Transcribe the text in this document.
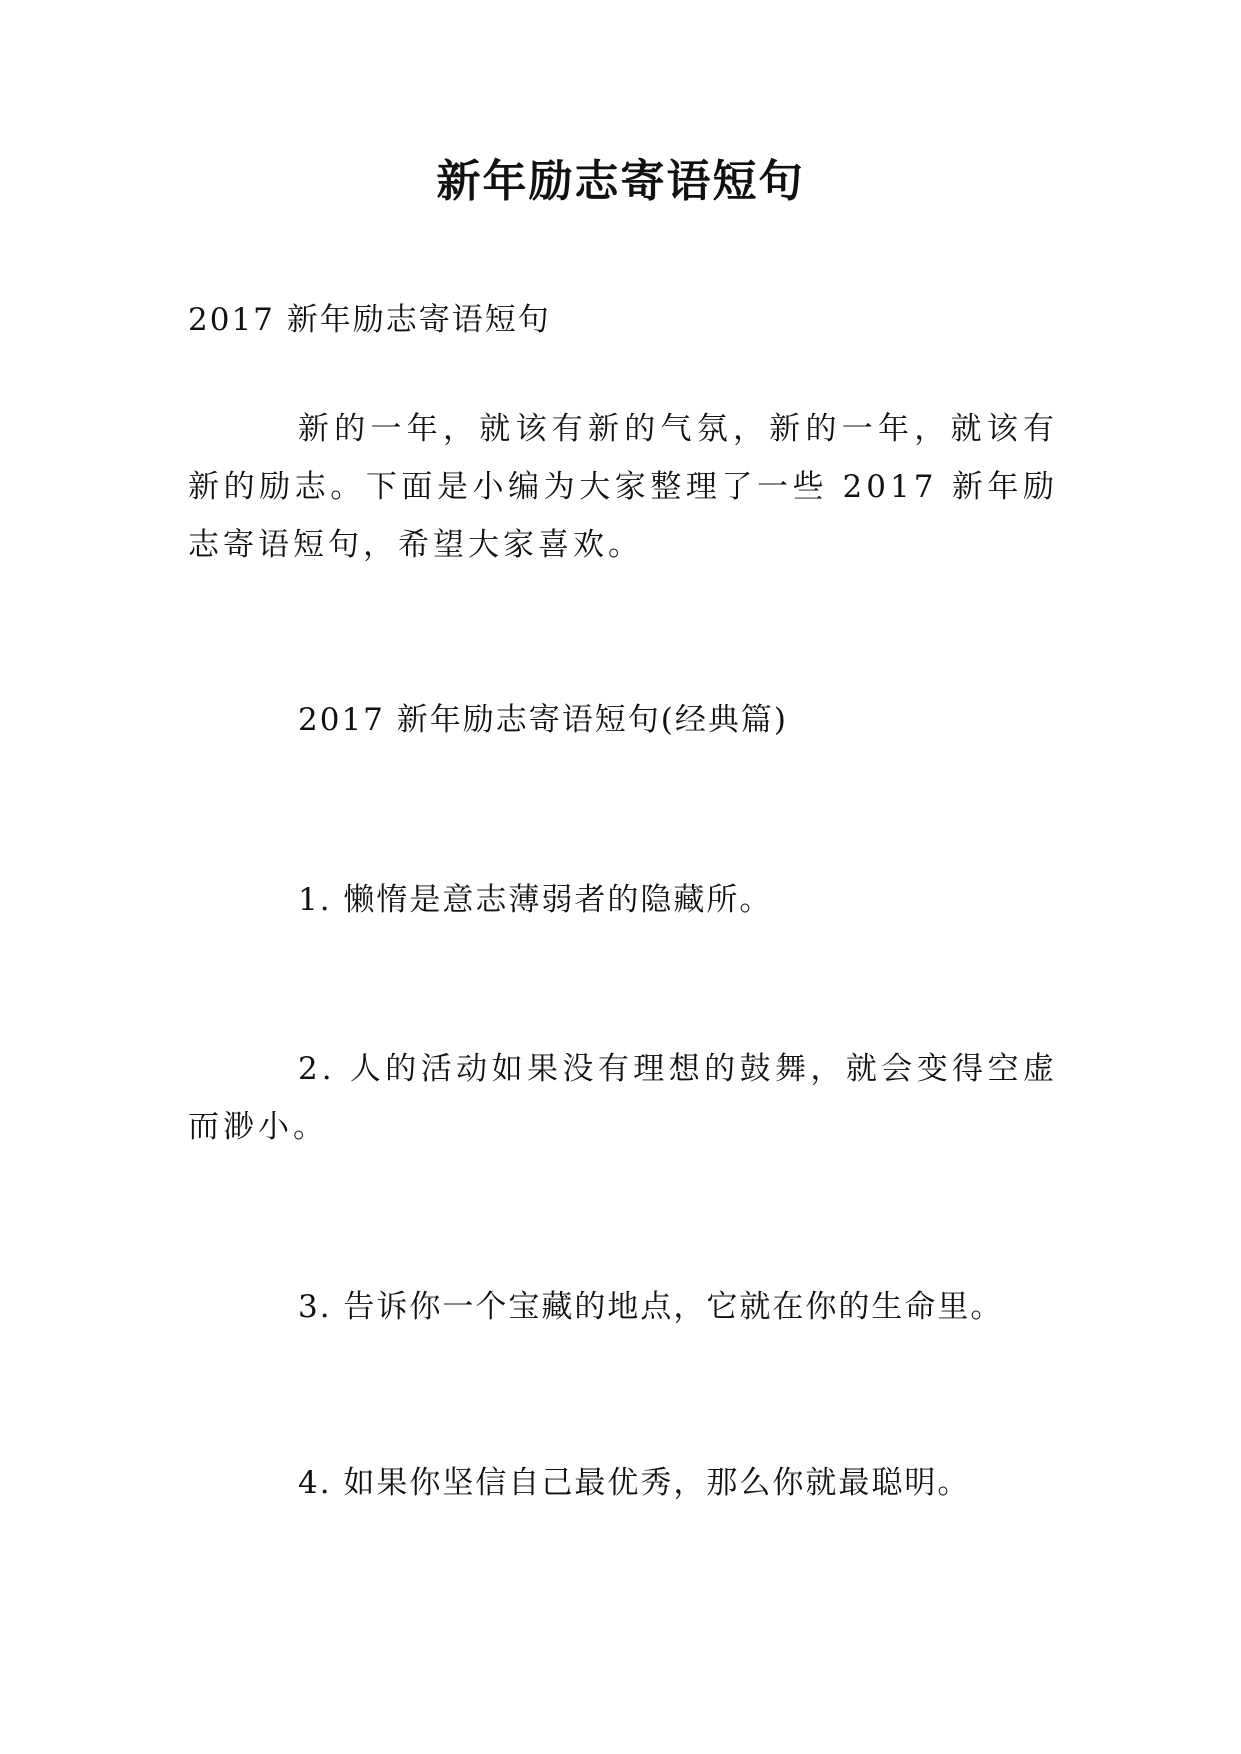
新年励志寄语短句
2017 新年励志寄语短句
新的一年，就该有新的气氛，新的一年，就该有新的励志。下面是小编为大家整理了一些 2017 新年励志寄语短句，希望大家喜欢。
2017 新年励志寄语短句(经典篇)
1. 懒惰是意志薄弱者的隐藏所。
2. 人的活动如果没有理想的鼓舞，就会变得空虚而渺小。
3. 告诉你一个宝藏的地点，它就在你的生命里。
4. 如果你坚信自己最优秀，那么你就最聪明。
